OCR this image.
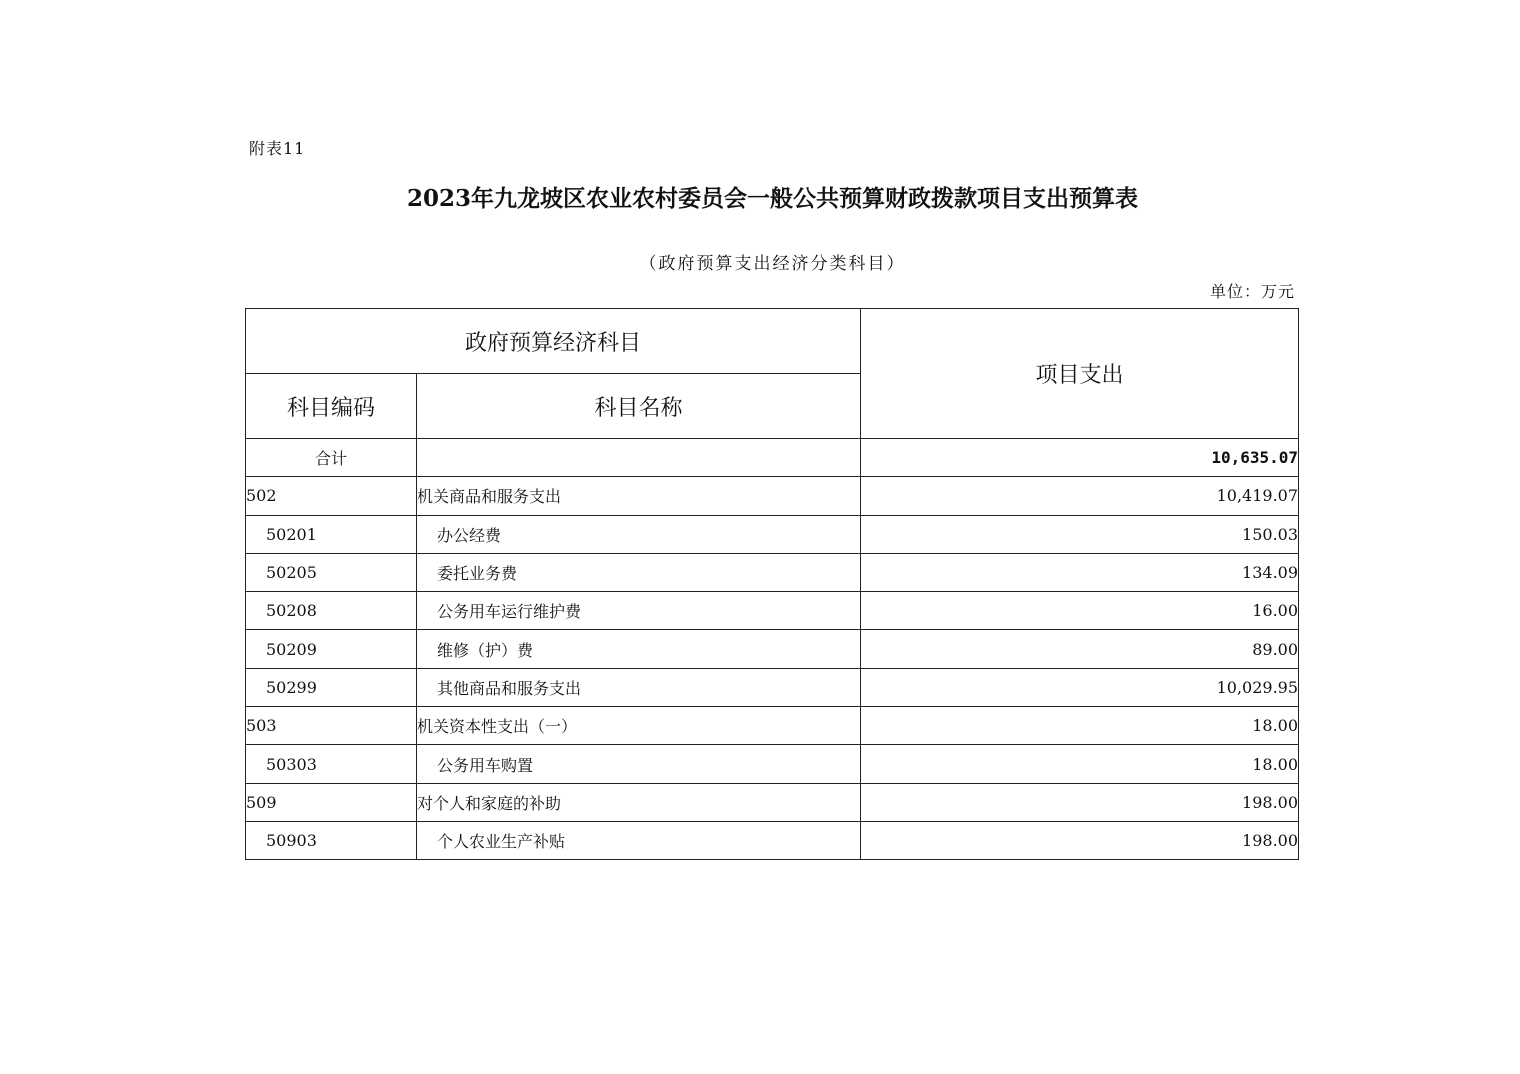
附表11
2023年九龙坡区农业农村委员会一般公共预算财政拨款项目支出预算表
（政府预算支出经济分类科目）
单位：万元
政府预算经济科目		项目支出
科目编码	科目名称	
合计		10,635.07
502	机关商品和服务支出	10,419.07
50201	办公经费	150.03
50205	委托业务费	134.09
50208	公务用车运行维护费	16.00
50209	维修（护）费	89.00
50299	其他商品和服务支出	10,029.95
503	机关资本性支出（一）	18.00
50303	公务用车购置	18.00
509	对个人和家庭的补助	198.00
50903	个人农业生产补贴	198.00
